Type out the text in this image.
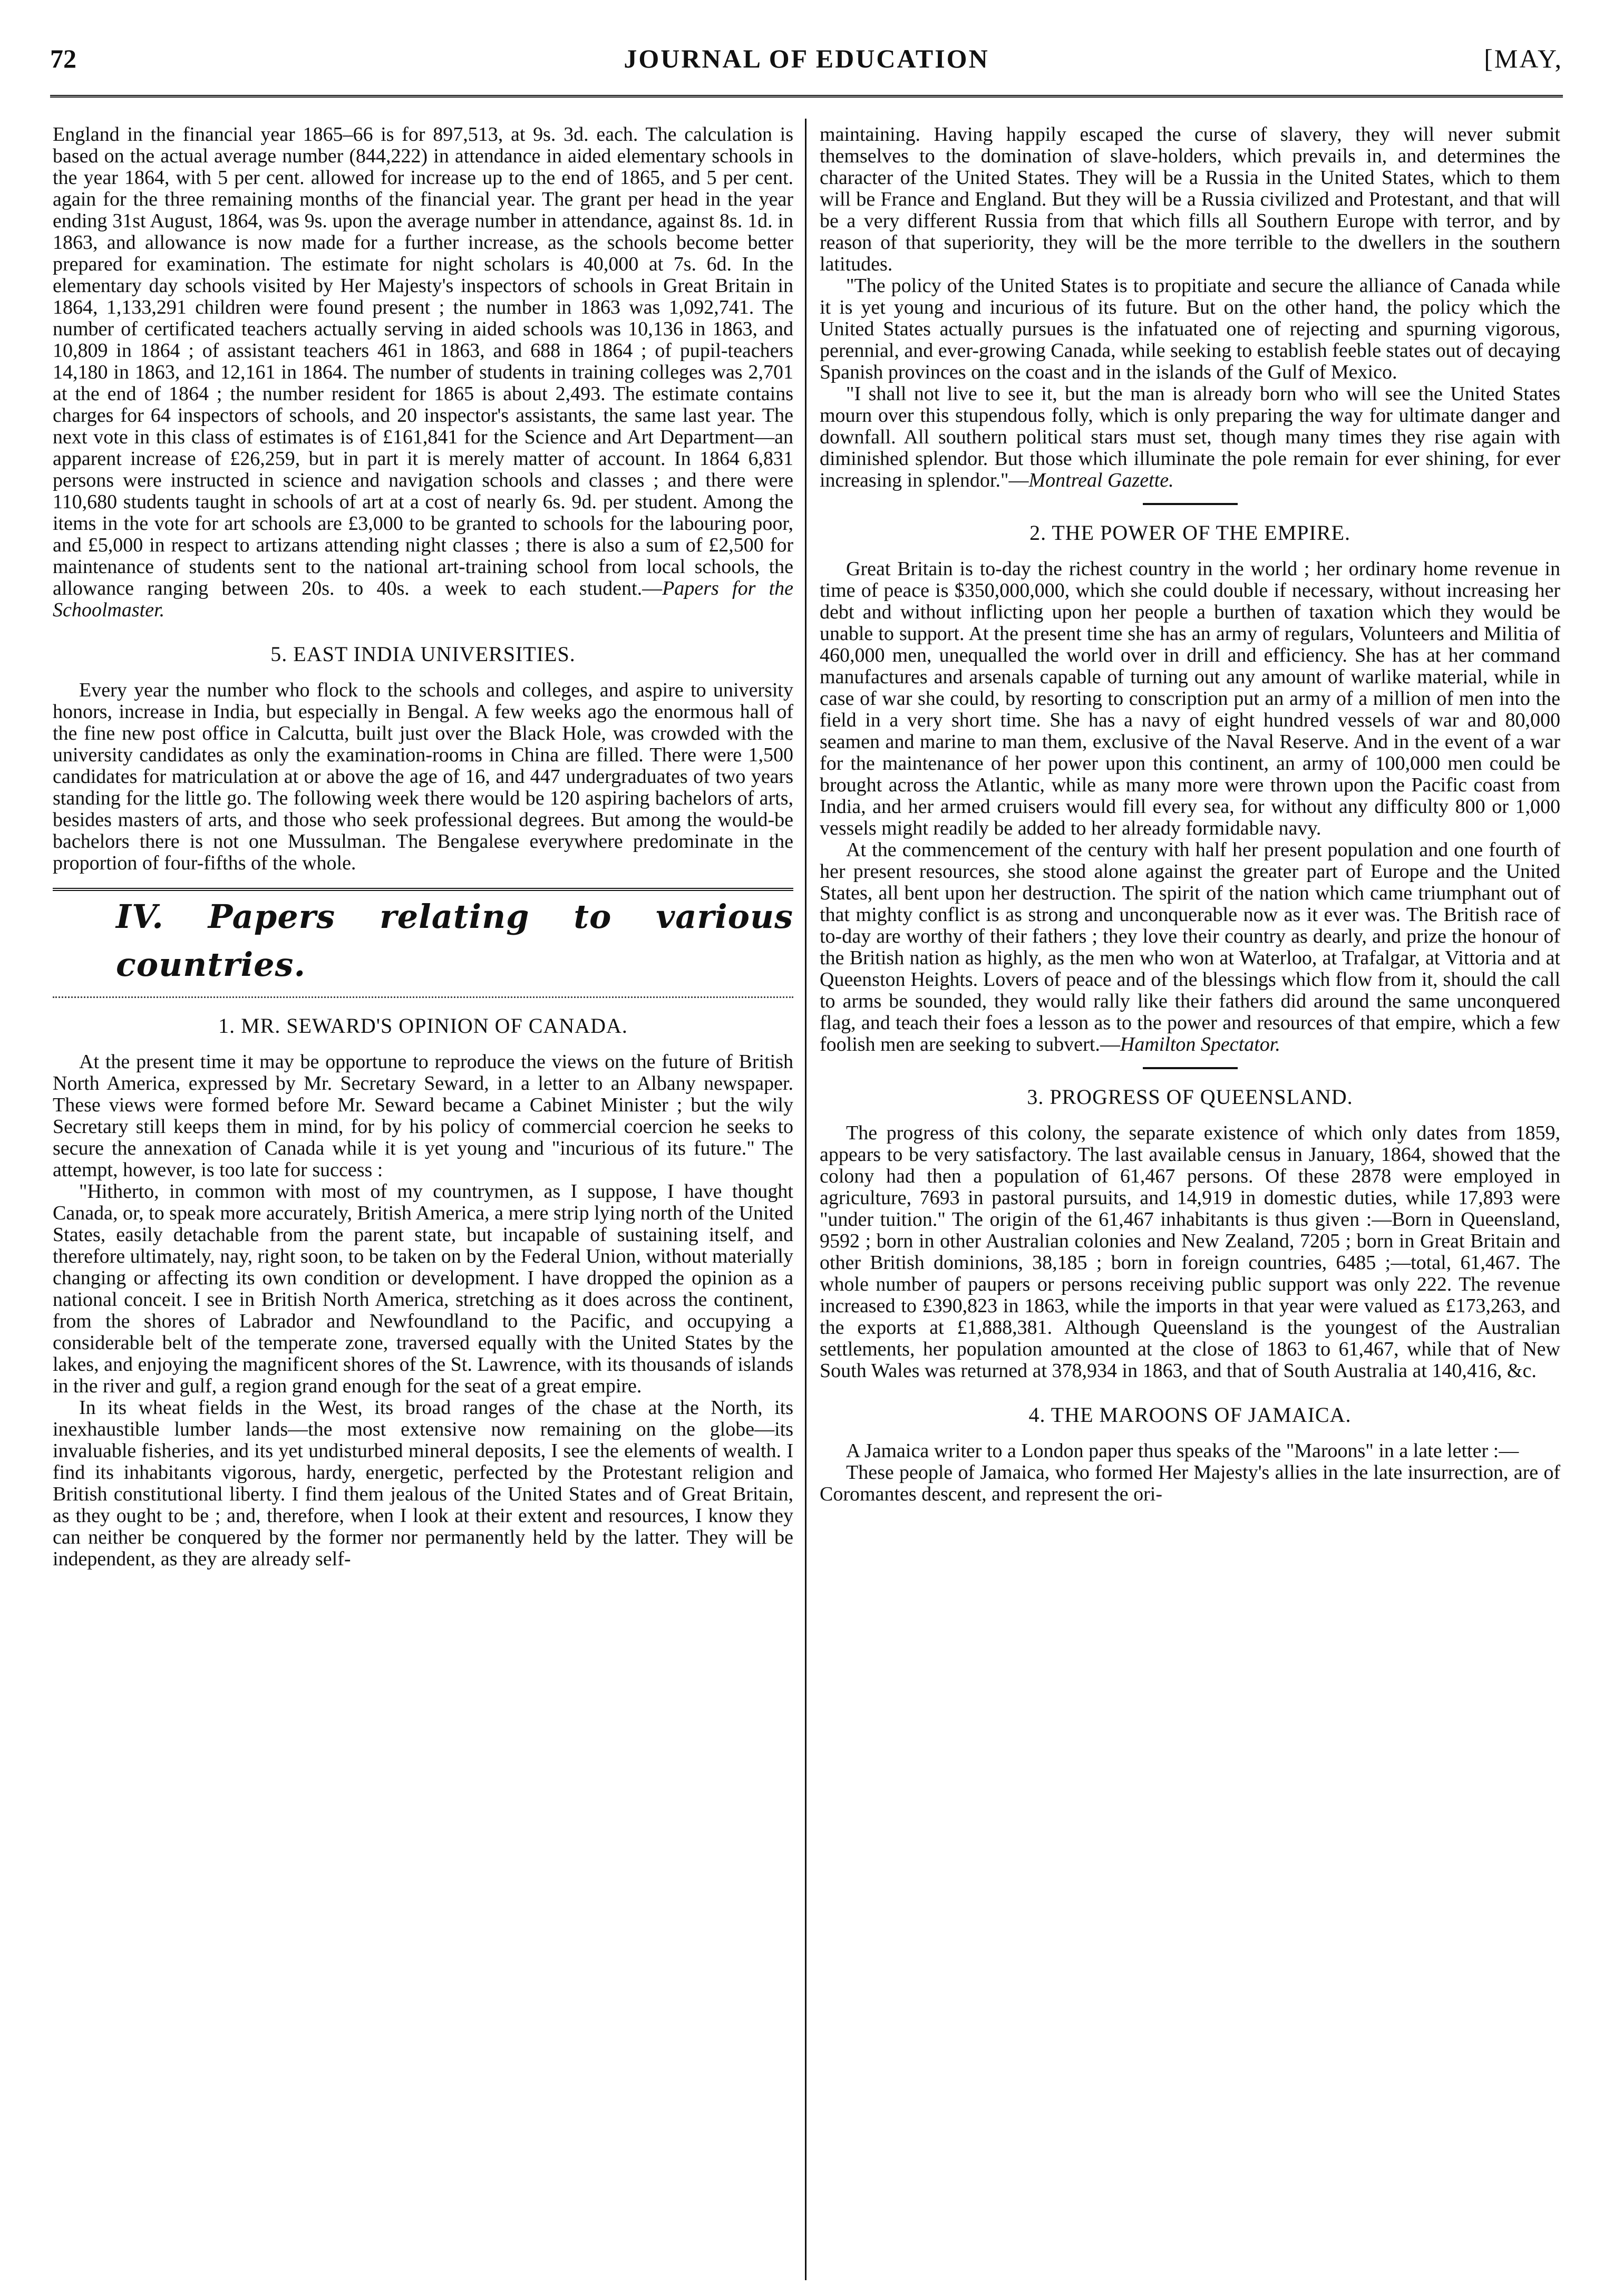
72	JOURNAL OF EDUCATION	[MAY,

England in the financial year 1865–66 is for 897,513, at 9s. 3d. each. The calculation is based on the actual average number (844,222) in attendance in aided elementary schools in the year 1864, with 5 per cent. allowed for increase up to the end of 1865, and 5 per cent. again for the three remaining months of the financial year. The grant per head in the year ending 31st August, 1864, was 9s. upon the average number in attendance, against 8s. 1d. in 1863, and allowance is now made for a further increase, as the schools become better prepared for examination. The estimate for night scholars is 40,000 at 7s. 6d. In the elementary day schools visited by Her Majesty's inspectors of schools in Great Britain in 1864, 1,133,291 children were found present ; the number in 1863 was 1,092,741. The number of certificated teachers actually serving in aided schools was 10,136 in 1863, and 10,809 in 1864 ; of assistant teachers 461 in 1863, and 688 in 1864 ; of pupil-teachers 14,180 in 1863, and 12,161 in 1864. The number of students in training colleges was 2,701 at the end of 1864 ; the number resident for 1865 is about 2,493. The estimate contains charges for 64 inspectors of schools, and 20 inspector's assistants, the same last year. The next vote in this class of estimates is of £161,841 for the Science and Art Department—an apparent increase of £26,259, but in part it is merely matter of account. In 1864 6,831 persons were instructed in science and navigation schools and classes ; and there were 110,680 students taught in schools of art at a cost of nearly 6s. 9d. per student. Among the items in the vote for art schools are £3,000 to be granted to schools for the labouring poor, and £5,000 in respect to artizans attending night classes ; there is also a sum of £2,500 for maintenance of students sent to the national art-training school from local schools, the allowance ranging between 20s. to 40s. a week to each student.—Papers for the Schoolmaster.

5. EAST INDIA UNIVERSITIES.

Every year the number who flock to the schools and colleges, and aspire to university honors, increase in India, but especially in Bengal. A few weeks ago the enormous hall of the fine new post office in Calcutta, built just over the Black Hole, was crowded with the university candidates as only the examination-rooms in China are filled. There were 1,500 candidates for matriculation at or above the age of 16, and 447 undergraduates of two years standing for the little go. The following week there would be 120 aspiring bachelors of arts, besides masters of arts, and those who seek professional degrees. But among the would-be bachelors there is not one Mussulman. The Bengalese everywhere predominate in the proportion of four-fifths of the whole.

IV. Papers relating to various countries.
1. MR. SEWARD'S OPINION OF CANADA.

At the present time it may be opportune to reproduce the views on the future of British North America, expressed by Mr. Secretary Seward, in a letter to an Albany newspaper. These views were formed before Mr. Seward became a Cabinet Minister ; but the wily Secretary still keeps them in mind, for by his policy of commercial coercion he seeks to secure the annexation of Canada while it is yet young and "incurious of its future." The attempt, however, is too late for success :

"Hitherto, in common with most of my countrymen, as I suppose, I have thought Canada, or, to speak more accurately, British America, a mere strip lying north of the United States, easily detachable from the parent state, but incapable of sustaining itself, and therefore ultimately, nay, right soon, to be taken on by the Federal Union, without materially changing or affecting its own condition or development. I have dropped the opinion as a national conceit. I see in British North America, stretching as it does across the continent, from the shores of Labrador and Newfoundland to the Pacific, and occupying a considerable belt of the temperate zone, traversed equally with the United States by the lakes, and enjoying the magnificent shores of the St. Lawrence, with its thousands of islands in the river and gulf, a region grand enough for the seat of a great empire.

In its wheat fields in the West, its broad ranges of the chase at the North, its inexhaustible lumber lands—the most extensive now remaining on the globe—its invaluable fisheries, and its yet undisturbed mineral deposits, I see the elements of wealth. I find its inhabitants vigorous, hardy, energetic, perfected by the Protestant religion and British constitutional liberty. I find them jealous of the United States and of Great Britain, as they ought to be ; and, therefore, when I look at their extent and resources, I know they can neither be conquered by the former nor permanently held by the latter. They will be independent, as they are already self-

maintaining. Having happily escaped the curse of slavery, they will never submit themselves to the domination of slave-holders, which prevails in, and determines the character of the United States. They will be a Russia in the United States, which to them will be France and England. But they will be a Russia civilized and Protestant, and that will be a very different Russia from that which fills all Southern Europe with terror, and by reason of that superiority, they will be the more terrible to the dwellers in the southern latitudes.

"The policy of the United States is to propitiate and secure the alliance of Canada while it is yet young and incurious of its future. But on the other hand, the policy which the United States actually pursues is the infatuated one of rejecting and spurning vigorous, perennial, and ever-growing Canada, while seeking to establish feeble states out of decaying Spanish provinces on the coast and in the islands of the Gulf of Mexico.

"I shall not live to see it, but the man is already born who will see the United States mourn over this stupendous folly, which is only preparing the way for ultimate danger and downfall. All southern political stars must set, though many times they rise again with diminished splendor. But those which illuminate the pole remain for ever shining, for ever increasing in splendor."—Montreal Gazette.

2. THE POWER OF THE EMPIRE.

Great Britain is to-day the richest country in the world ; her ordinary home revenue in time of peace is $350,000,000, which she could double if necessary, without increasing her debt and without inflicting upon her people a burthen of taxation which they would be unable to support. At the present time she has an army of regulars, Volunteers and Militia of 460,000 men, unequalled the world over in drill and efficiency. She has at her command manufactures and arsenals capable of turning out any amount of warlike material, while in case of war she could, by resorting to conscription put an army of a million of men into the field in a very short time. She has a navy of eight hundred vessels of war and 80,000 seamen and marine to man them, exclusive of the Naval Reserve. And in the event of a war for the maintenance of her power upon this continent, an army of 100,000 men could be brought across the Atlantic, while as many more were thrown upon the Pacific coast from India, and her armed cruisers would fill every sea, for without any difficulty 800 or 1,000 vessels might readily be added to her already formidable navy.

At the commencement of the century with half her present population and one fourth of her present resources, she stood alone against the greater part of Europe and the United States, all bent upon her destruction. The spirit of the nation which came triumphant out of that mighty conflict is as strong and unconquerable now as it ever was. The British race of to-day are worthy of their fathers ; they love their country as dearly, and prize the honour of the British nation as highly, as the men who won at Waterloo, at Trafalgar, at Vittoria and at Queenston Heights. Lovers of peace and of the blessings which flow from it, should the call to arms be sounded, they would rally like their fathers did around the same unconquered flag, and teach their foes a lesson as to the power and resources of that empire, which a few foolish men are seeking to subvert.—Hamilton Spectator.

3. PROGRESS OF QUEENSLAND.

The progress of this colony, the separate existence of which only dates from 1859, appears to be very satisfactory. The last available census in January, 1864, showed that the colony had then a population of 61,467 persons. Of these 2878 were employed in agriculture, 7693 in pastoral pursuits, and 14,919 in domestic duties, while 17,893 were "under tuition." The origin of the 61,467 inhabitants is thus given :—Born in Queensland, 9592 ; born in other Australian colonies and New Zealand, 7205 ; born in Great Britain and other British dominions, 38,185 ; born in foreign countries, 6485 ;—total, 61,467. The whole number of paupers or persons receiving public support was only 222. The revenue increased to £390,823 in 1863, while the imports in that year were valued as £173,263, and the exports at £1,888,381. Although Queensland is the youngest of the Australian settlements, her population amounted at the close of 1863 to 61,467, while that of New South Wales was returned at 378,934 in 1863, and that of South Australia at 140,416, &c.

4. THE MAROONS OF JAMAICA.

A Jamaica writer to a London paper thus speaks of the "Maroons" in a late letter :—

These people of Jamaica, who formed Her Majesty's allies in the late insurrection, are of Coromantes descent, and represent the ori-
